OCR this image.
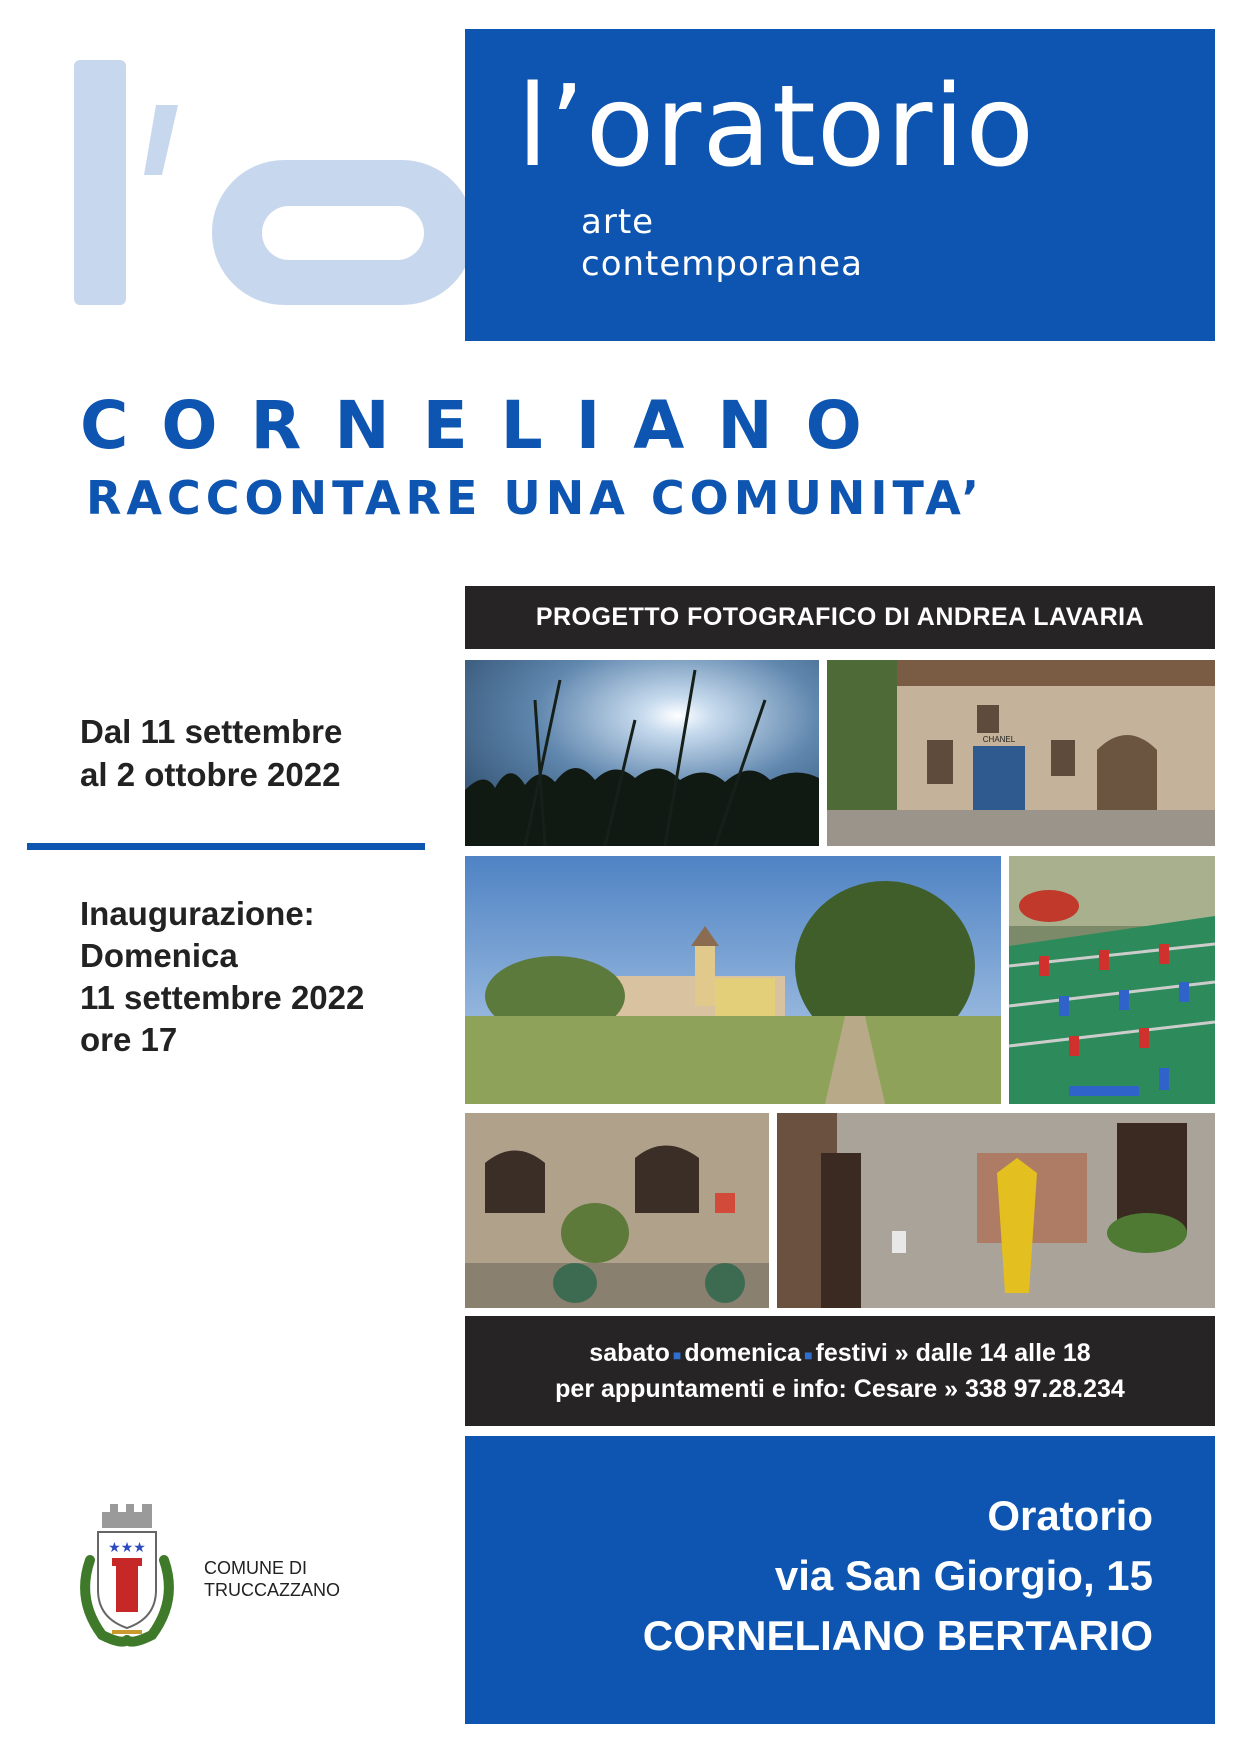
l’oratorio
arte
contemporanea
CORNELIANO
RACCONTARE UNA COMUNITA’
Dal 11 settembre
al 2 ottobre 2022
Inaugurazione:
Domenica
11 settembre 2022
ore 17
PROGETTO FOTOGRAFICO DI ANDREA LAVARIA
CHANEL
sabato ■ domenica ■ festivi » dalle 14 alle 18
per appuntamenti e info: Cesare » 338 97.28.234
Oratorio
via San Giorgio, 15
CORNELIANO BERTARIO
★★★
COMUNE DI
TRUCCAZZANO
